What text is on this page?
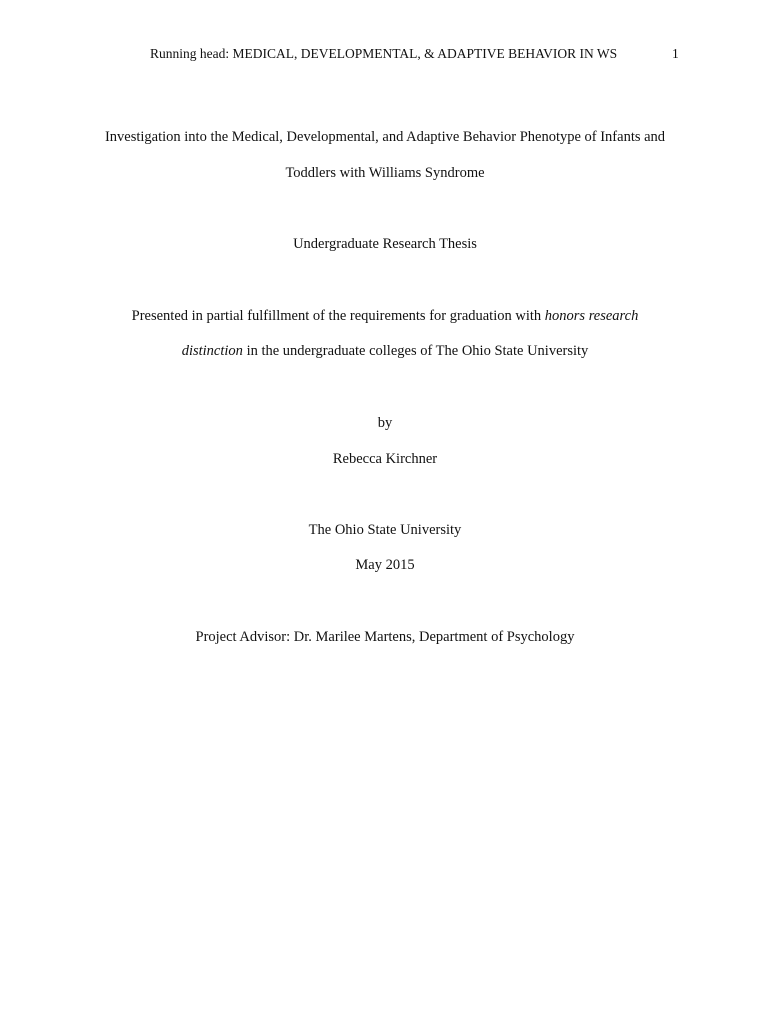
Running head: MEDICAL, DEVELOPMENTAL, & ADAPTIVE BEHAVIOR IN WS	1
Investigation into the Medical, Developmental, and Adaptive Behavior Phenotype of Infants and
Toddlers with Williams Syndrome
Undergraduate Research Thesis
Presented in partial fulfillment of the requirements for graduation with honors research
distinction in the undergraduate colleges of The Ohio State University
by
Rebecca Kirchner
The Ohio State University
May 2015
Project Advisor: Dr. Marilee Martens, Department of Psychology
